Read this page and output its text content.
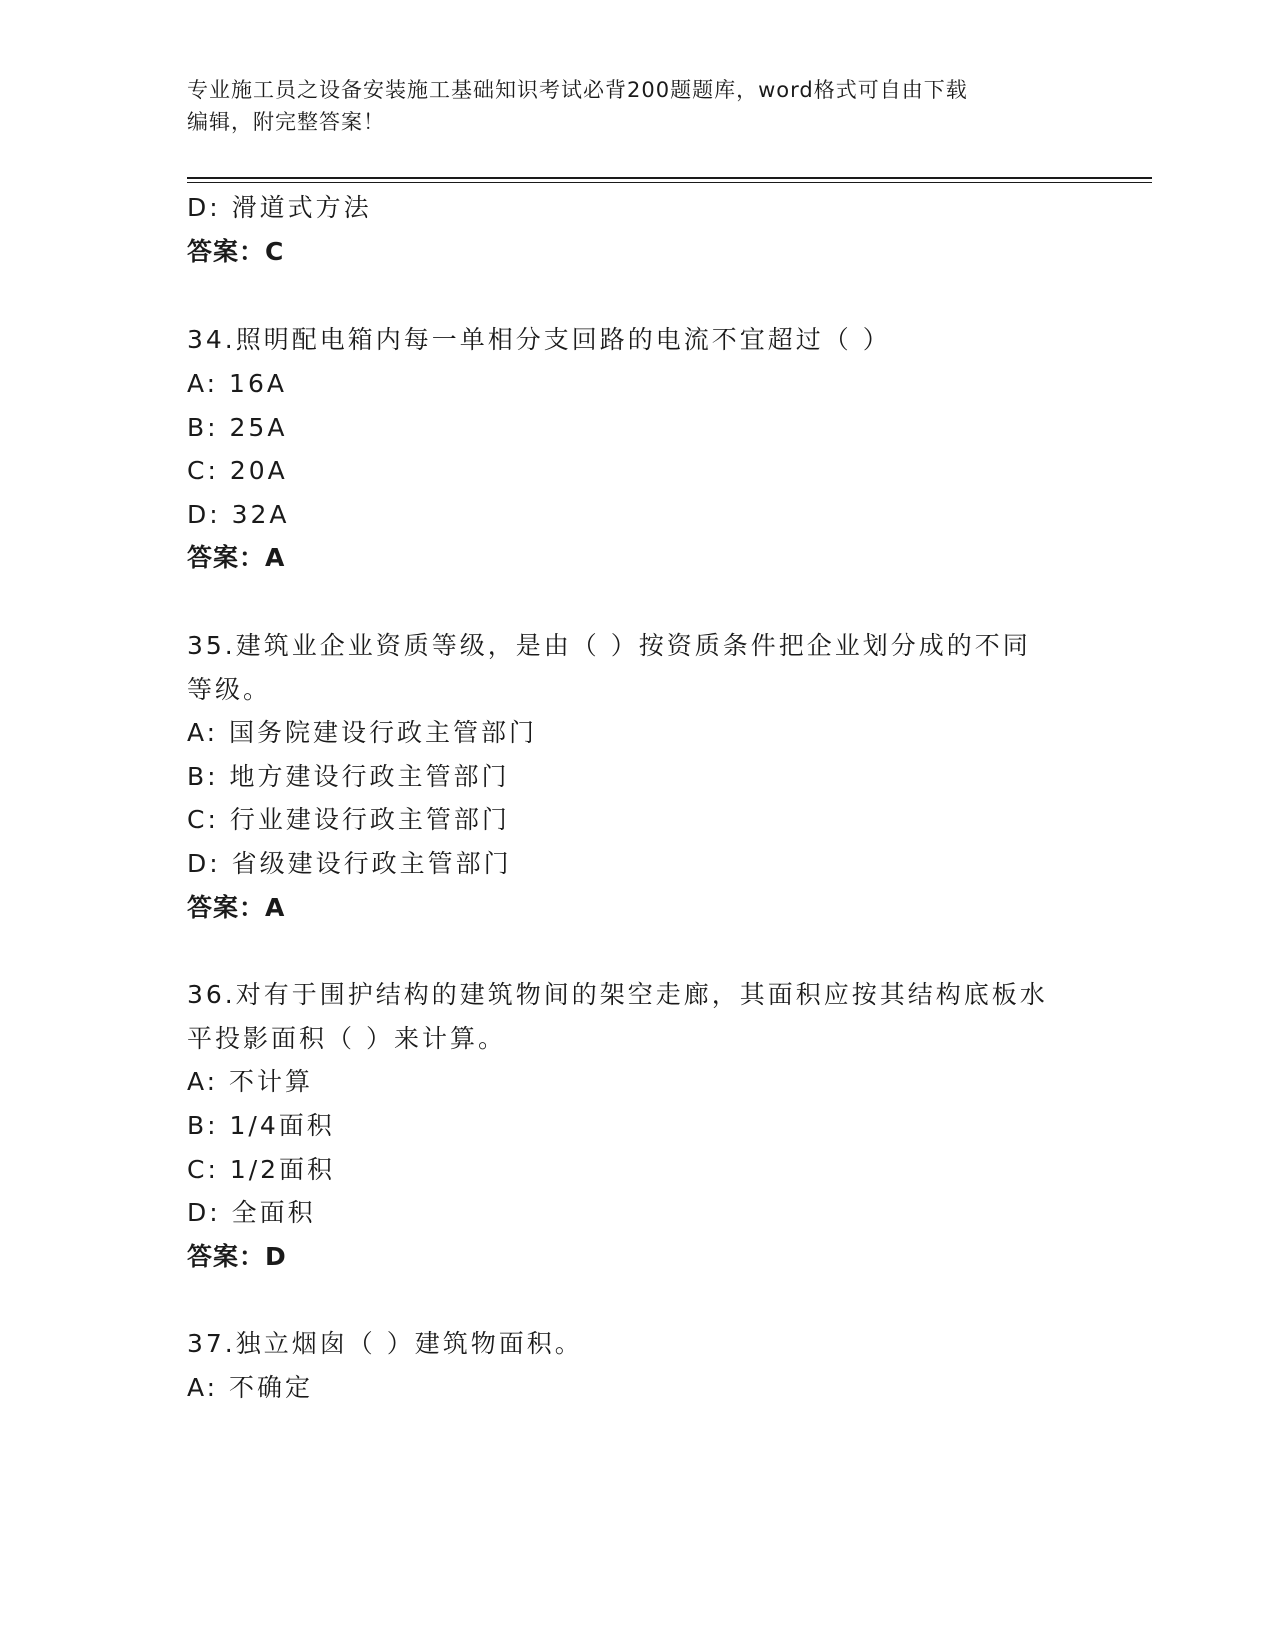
专业施工员之设备安装施工基础知识考试必背200题题库，word格式可自由下载
编辑，附完整答案！
D: 滑道式方法
答案：C
34.照明配电箱内每一单相分支回路的电流不宜超过（ ）
A: 16A
B: 25A
C: 20A
D: 32A
答案：A
35.建筑业企业资质等级，是由（ ）按资质条件把企业划分成的不同
等级。
A: 国务院建设行政主管部门
B: 地方建设行政主管部门
C: 行业建设行政主管部门
D: 省级建设行政主管部门
答案：A
36.对有于围护结构的建筑物间的架空走廊，其面积应按其结构底板水
平投影面积（ ）来计算。
A: 不计算
B: 1/4面积
C: 1/2面积
D: 全面积
答案：D
37.独立烟囱（ ）建筑物面积。
A: 不确定
